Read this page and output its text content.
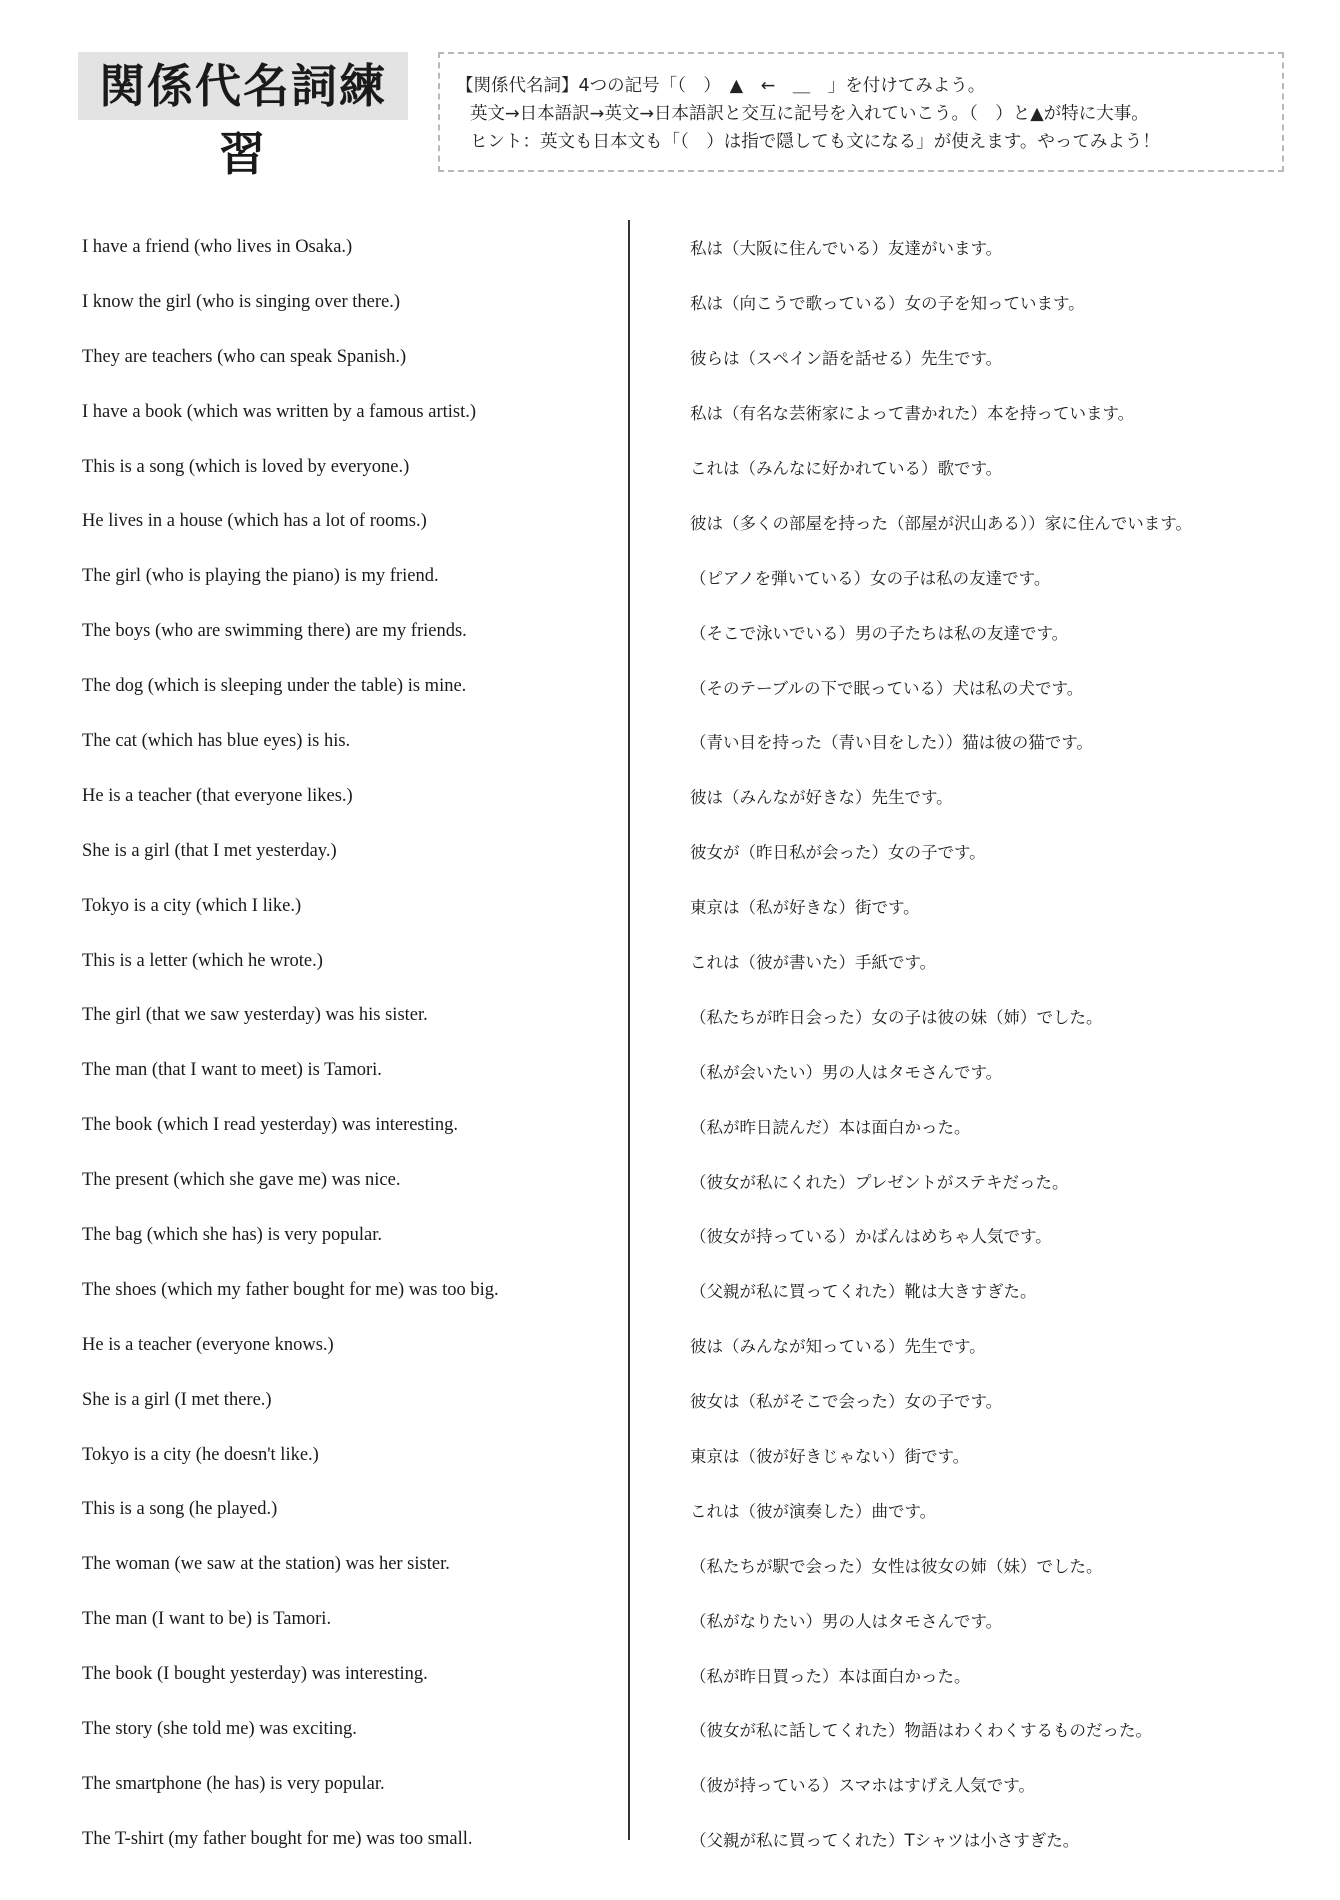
関係代名詞練習
【関係代名詞】4つの記号「（　）　▲　←　＿　」を付けてみよう。
英文→日本語訳→英文→日本語訳と交互に記号を入れていこう。（　）と▲が特に大事。
ヒント：英文も日本文も「（　）は指で隠しても文になる」が使えます。やってみよう！
I have a friend (who lives in Osaka.)
I know the girl (who is singing over there.)
They are teachers (who can speak Spanish.)
I have a book (which was written by a famous artist.)
This is a song (which is loved by everyone.)
He lives in a house (which has a lot of rooms.)
The girl (who is playing the piano) is my friend.
The boys (who are swimming there) are my friends.
The dog (which is sleeping under the table) is mine.
The cat (which has blue eyes) is his.
He is a teacher (that everyone likes.)
She is a girl (that I met yesterday.)
Tokyo is a city (which I like.)
This is a letter (which he wrote.)
The girl (that we saw yesterday) was his sister.
The man (that I want to meet) is Tamori.
The book (which I read yesterday) was interesting.
The present (which she gave me) was nice.
The bag (which she has) is very popular.
The shoes (which my father bought for me) was too big.
He is a teacher (everyone knows.)
She is a girl (I met there.)
Tokyo is a city (he doesn't like.)
This is a song (he played.)
The woman (we saw at the station) was her sister.
The man (I want to be) is Tamori.
The book (I bought yesterday) was interesting.
The story (she told me) was exciting.
The smartphone (he has) is very popular.
The T-shirt (my father bought for me) was too small.
私は（大阪に住んでいる）友達がいます。
私は（向こうで歌っている）女の子を知っています。
彼らは（スペイン語を話せる）先生です。
私は（有名な芸術家によって書かれた）本を持っています。
これは（みんなに好かれている）歌です。
彼は（多くの部屋を持った（部屋が沢山ある））家に住んでいます。
（ピアノを弾いている）女の子は私の友達です。
（そこで泳いでいる）男の子たちは私の友達です。
（そのテーブルの下で眠っている）犬は私の犬です。
（青い目を持った（青い目をした））猫は彼の猫です。
彼は（みんなが好きな）先生です。
彼女が（昨日私が会った）女の子です。
東京は（私が好きな）街です。
これは（彼が書いた）手紙です。
（私たちが昨日会った）女の子は彼の妹（姉）でした。
（私が会いたい）男の人はタモさんです。
（私が昨日読んだ）本は面白かった。
（彼女が私にくれた）プレゼントがステキだった。
（彼女が持っている）かばんはめちゃ人気です。
（父親が私に買ってくれた）靴は大きすぎた。
彼は（みんなが知っている）先生です。
彼女は（私がそこで会った）女の子です。
東京は（彼が好きじゃない）街です。
これは（彼が演奏した）曲です。
（私たちが駅で会った）女性は彼女の姉（妹）でした。
（私がなりたい）男の人はタモさんです。
（私が昨日買った）本は面白かった。
（彼女が私に話してくれた）物語はわくわくするものだった。
（彼が持っている）スマホはすげえ人気です。
（父親が私に買ってくれた）Tシャツは小さすぎた。
